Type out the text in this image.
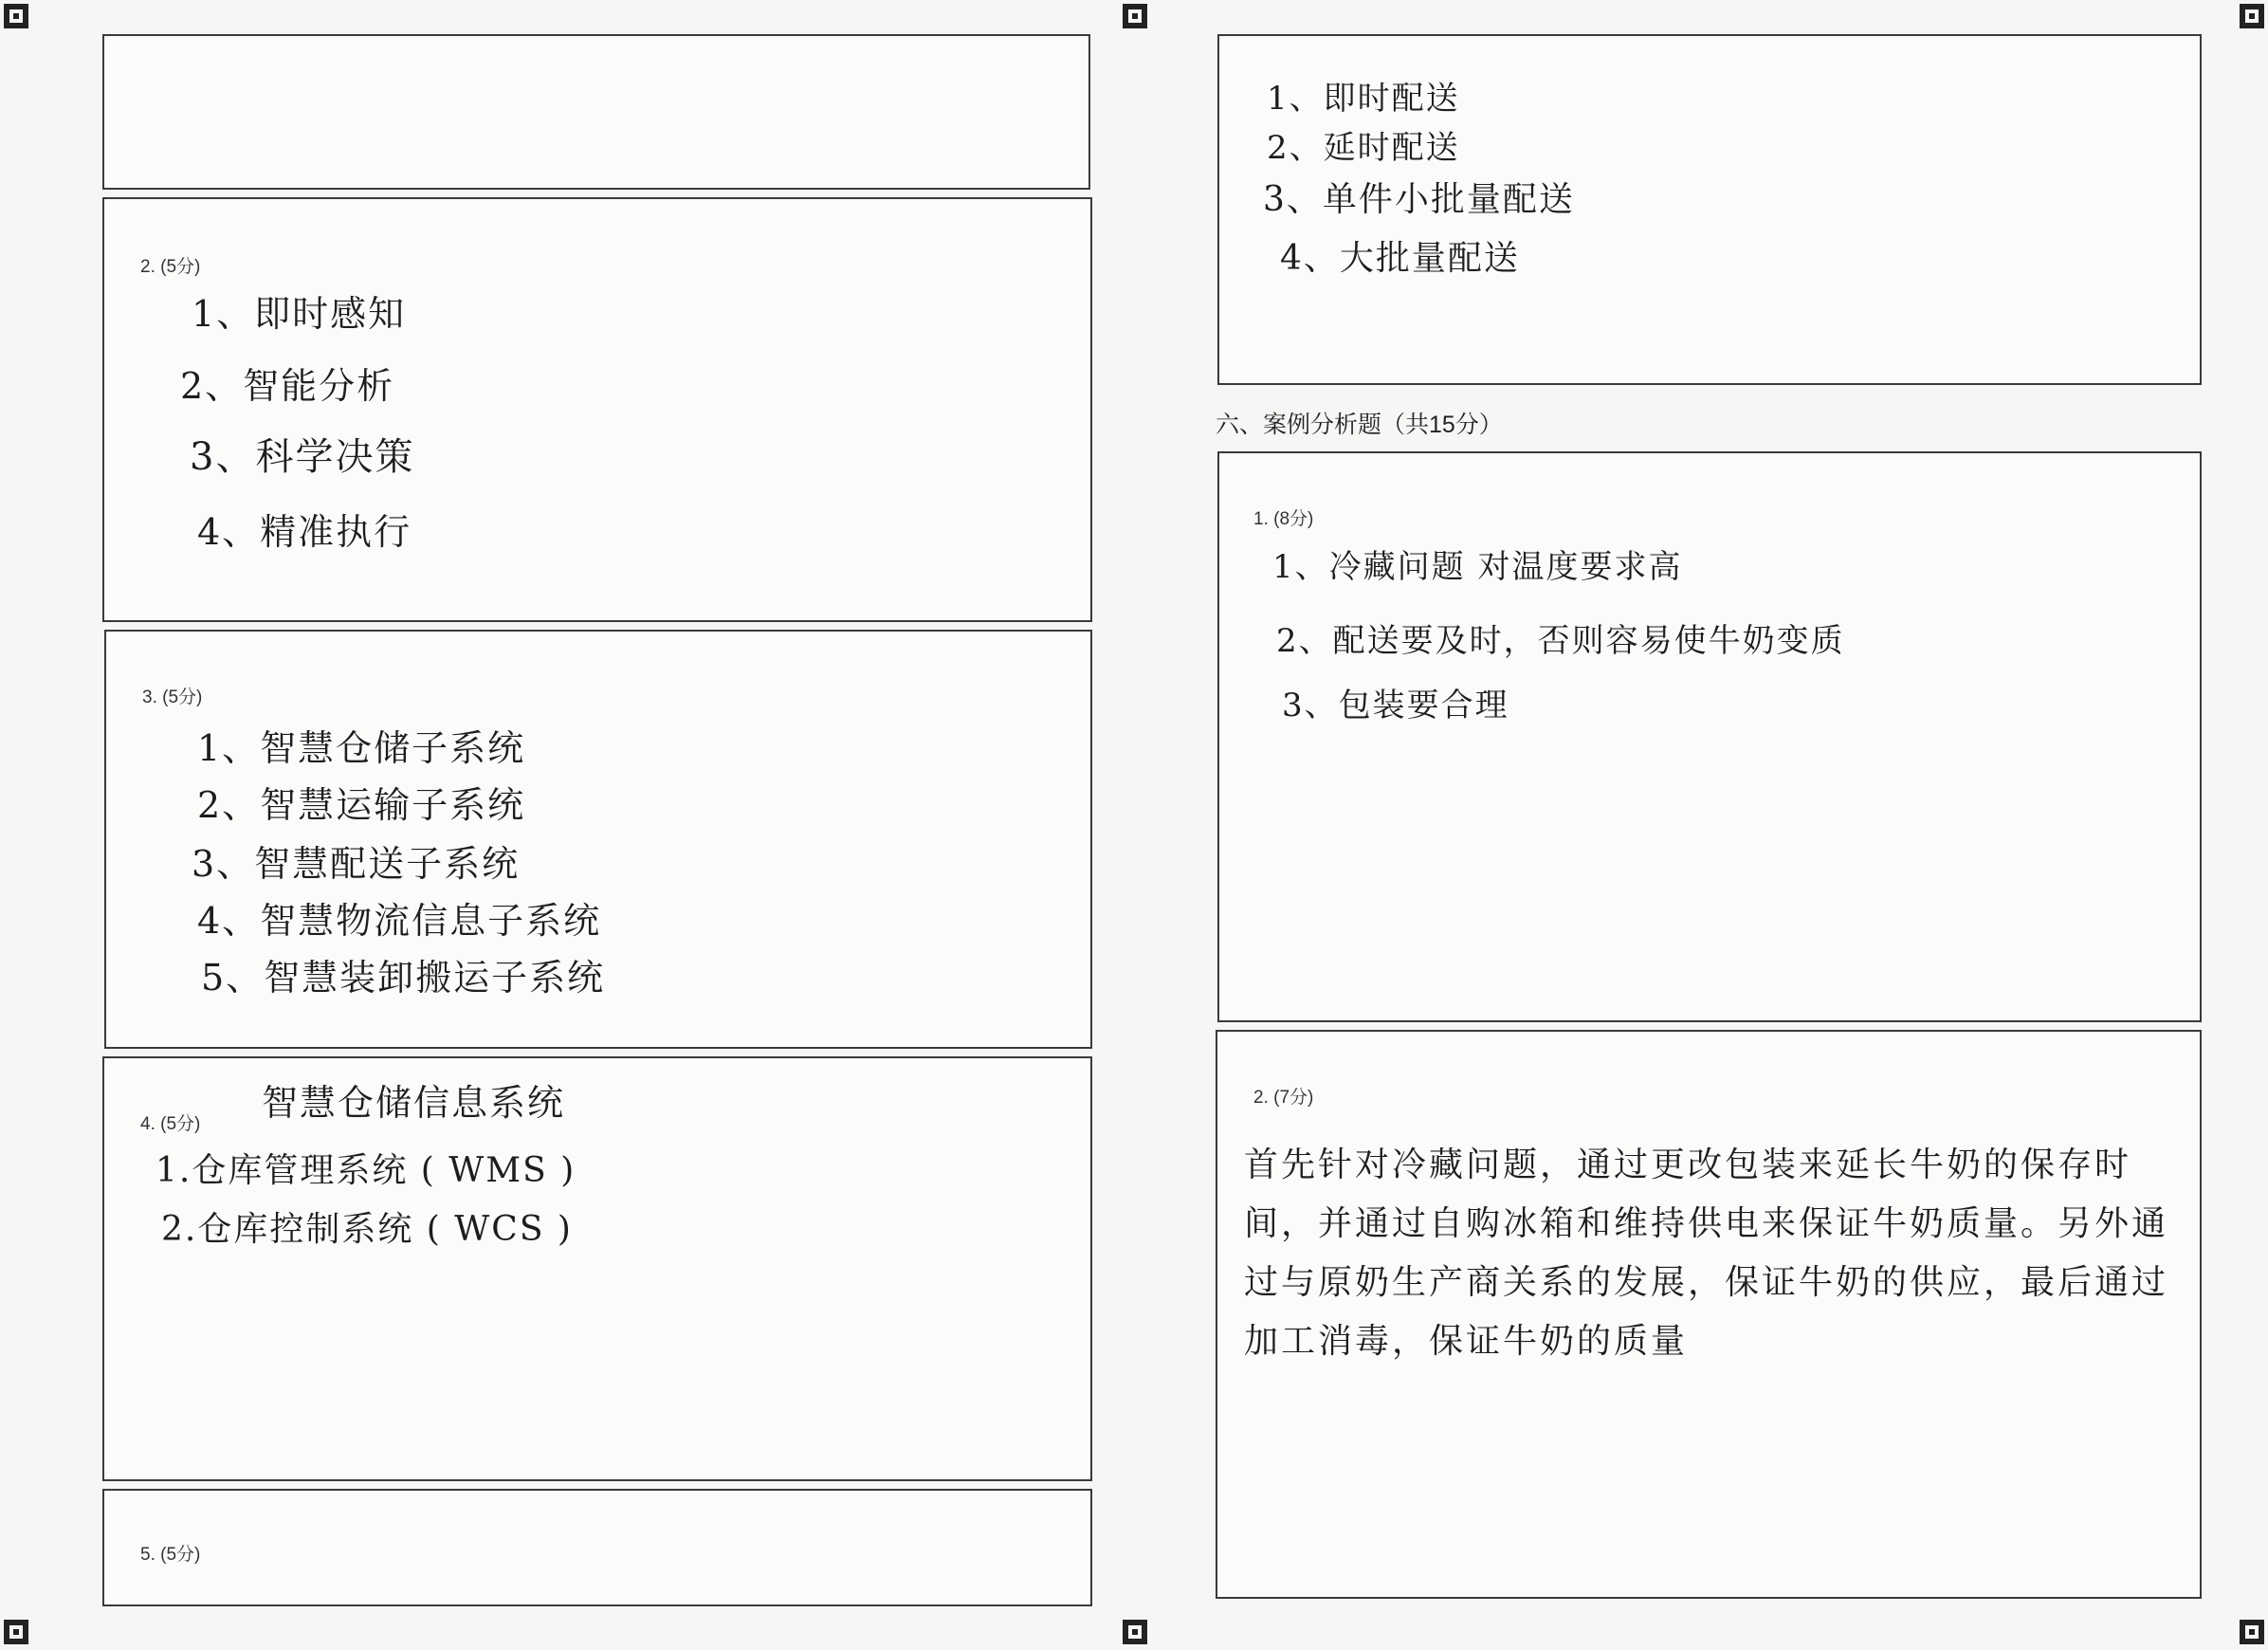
2. (5分)
1、即时感知
2、智能分析
3、科学决策
4、精准执行
3. (5分)
1、智慧仓储子系统
2、智慧运输子系统
3、智慧配送子系统
4、智慧物流信息子系统
5、智慧装卸搬运子系统
4. (5分)
智慧仓储信息系统
1.仓库管理系统 ( WMS )
2.仓库控制系统 ( WCS )
5. (5分)
1、即时配送
2、延时配送
3、单件小批量配送
4、大批量配送
六、案例分析题（共15分）
1. (8分)
1、冷藏问题 对温度要求高
2、配送要及时，否则容易使牛奶变质
3、包装要合理
2. (7分)
首先针对冷藏问题，通过更改包装来延长牛奶的保存时间，并通过自购冰箱和维持供电来保证牛奶质量。另外通过与原奶生产商关系的发展，保证牛奶的供应，最后通过加工消毒，保证牛奶的质量
